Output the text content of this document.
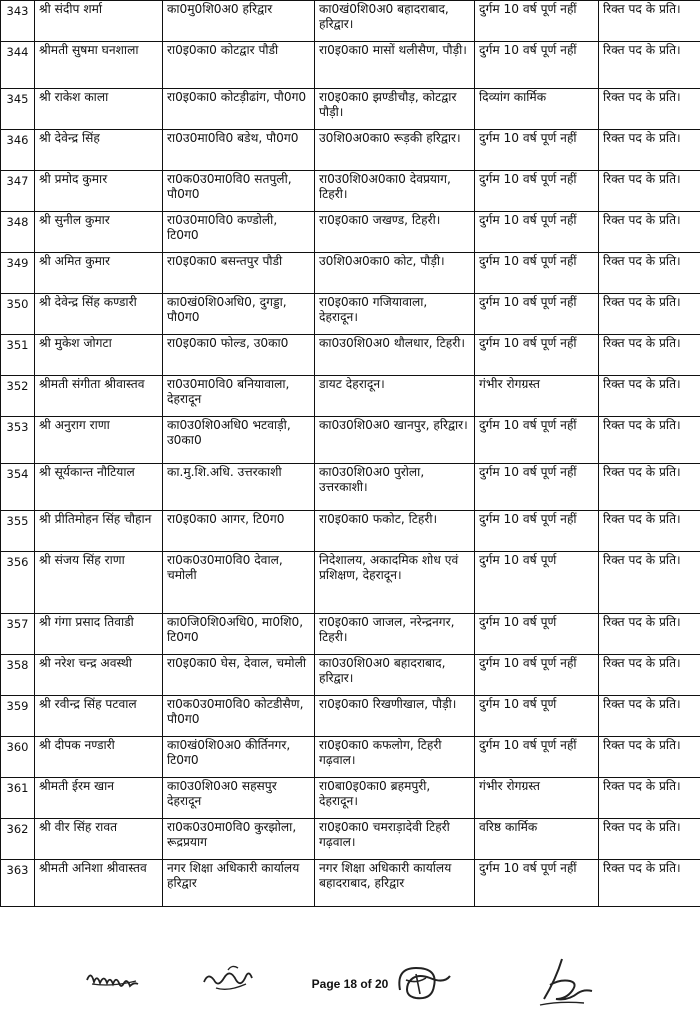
343	श्री संदीप शर्मा	का0मु0शि0अ0 हरिद्वार	का0खं0शि0अ0 बहादराबाद, हरिद्वार।	दुर्गम 10 वर्ष पूर्ण नहीं	रिक्त पद के प्रति।
344	श्रीमती सुषमा घनशाला	रा0इ0का0 कोटद्वार पौडी	रा0इ0का0 मासों थलीसैण, पौड़ी।	दुर्गम 10 वर्ष पूर्ण नहीं	रिक्त पद के प्रति।
345	श्री राकेश काला	रा0इ0का0 कोटड़ीढांग, पौ0ग0	रा0इ0का0 झण्डीचौड़, कोटद्वार पौड़ी।	दिव्यांग कार्मिक	रिक्त पद के प्रति।
346	श्री देवेन्द्र सिंह	रा0उ0मा0वि0 बडेथ, पौ0ग0	उ0शि0अ0का0 रूड़की हरिद्वार।	दुर्गम 10 वर्ष पूर्ण नहीं	रिक्त पद के प्रति।
347	श्री प्रमोद कुमार	रा0क0उ0मा0वि0 सतपुली, पौ0ग0	रा0उ0शि0अ0का0 देवप्रयाग, टिहरी।	दुर्गम 10 वर्ष पूर्ण नहीं	रिक्त पद के प्रति।
348	श्री सुनील कुमार	रा0उ0मा0वि0 कण्डोली, टि0ग0	रा0इ0का0 जखण्ड, टिहरी।	दुर्गम 10 वर्ष पूर्ण नहीं	रिक्त पद के प्रति।
349	श्री अमित कुमार	रा0इ0का0 बसन्तपुर पौडी	उ0शि0अ0का0 कोट, पौड़ी।	दुर्गम 10 वर्ष पूर्ण नहीं	रिक्त पद के प्रति।
350	श्री देवेन्द्र सिंह कण्डारी	का0खं0शि0अधि0, दुगड्डा, पौ0ग0	रा0इ0का0 गजियावाला, देहरादून।	दुर्गम 10 वर्ष पूर्ण नहीं	रिक्त पद के प्रति।
351	श्री मुकेश जोगटा	रा0इ0का0 फोल्ड, उ0का0	का0उ0शि0अ0 थौलधार, टिहरी।	दुर्गम 10 वर्ष पूर्ण नहीं	रिक्त पद के प्रति।
352	श्रीमती संगीता श्रीवास्तव	रा0उ0मा0वि0 बनियावाला, देहरादून	डायट देहरादून।	गंभीर रोगग्रस्त	रिक्त पद के प्रति।
353	श्री अनुराग राणा	का0उ0शि0अधि0 भटवाड़ी, उ0का0	का0उ0शि0अ0 खानपुर, हरिद्वार।	दुर्गम 10 वर्ष पूर्ण नहीं	रिक्त पद के प्रति।
354	श्री सूर्यकान्त नौटियाल	का.मु.शि.अधि. उत्तरकाशी	का0उ0शि0अ0 पुरोला, उत्तरकाशी।	दुर्गम 10 वर्ष पूर्ण नहीं	रिक्त पद के प्रति।
355	श्री प्रीतिमोहन सिंह चौहान	रा0इ0का0 आगर, टि0ग0	रा0इ0का0 फकोट, टिहरी।	दुर्गम 10 वर्ष पूर्ण नहीं	रिक्त पद के प्रति।
356	श्री संजय सिंह राणा	रा0क0उ0मा0वि0 देवाल, चमोली	निदेशालय, अकादमिक शोध एवं प्रशिक्षण, देहरादून।	दुर्गम 10 वर्ष पूर्ण	रिक्त पद के प्रति।
357	श्री गंगा प्रसाद तिवाडी	का0जि0शि0अधि0, मा0शि0, टि0ग0	रा0इ0का0 जाजल, नरेन्द्रनगर, टिहरी।	दुर्गम 10 वर्ष पूर्ण	रिक्त पद के प्रति।
358	श्री नरेश चन्द्र अवस्थी	रा0इ0का0 घेस, देवाल, चमोली	का0उ0शि0अ0 बहादराबाद, हरिद्वार।	दुर्गम 10 वर्ष पूर्ण नहीं	रिक्त पद के प्रति।
359	श्री रवीन्द्र सिंह पटवाल	रा0क0उ0मा0वि0 कोटडीसैण, पौ0ग0	रा0इ0का0 रिखणीखाल, पौड़ी।	दुर्गम 10 वर्ष पूर्ण	रिक्त पद के प्रति।
360	श्री दीपक नण्डारी	का0खं0शि0अ0 कीर्तिनगर, टि0ग0	रा0इ0का0 कफलोग, टिहरी गढ़वाल।	दुर्गम 10 वर्ष पूर्ण नहीं	रिक्त पद के प्रति।
361	श्रीमती ईरम खान	का0उ0शि0अ0 सहसपुर देहरादून	रा0बा0इ0का0 ब्रहमपुरी, देहरादून।	गंभीर रोगग्रस्त	रिक्त पद के प्रति।
362	श्री वीर सिंह रावत	रा0क0उ0मा0वि0 कुरझोला, रूद्रप्रयाग	रा0इ0का0 चमराड़ादेवी टिहरी गढ़वाल।	वरिष्ठ कार्मिक	रिक्त पद के प्रति।
363	श्रीमती अनिशा श्रीवास्तव	नगर शिक्षा अधिकारी कार्यालय हरिद्वार	नगर शिक्षा अधिकारी कार्यालय बहादराबाद, हरिद्वार	दुर्गम 10 वर्ष पूर्ण नहीं	रिक्त पद के प्रति।
Page 18 of 20
